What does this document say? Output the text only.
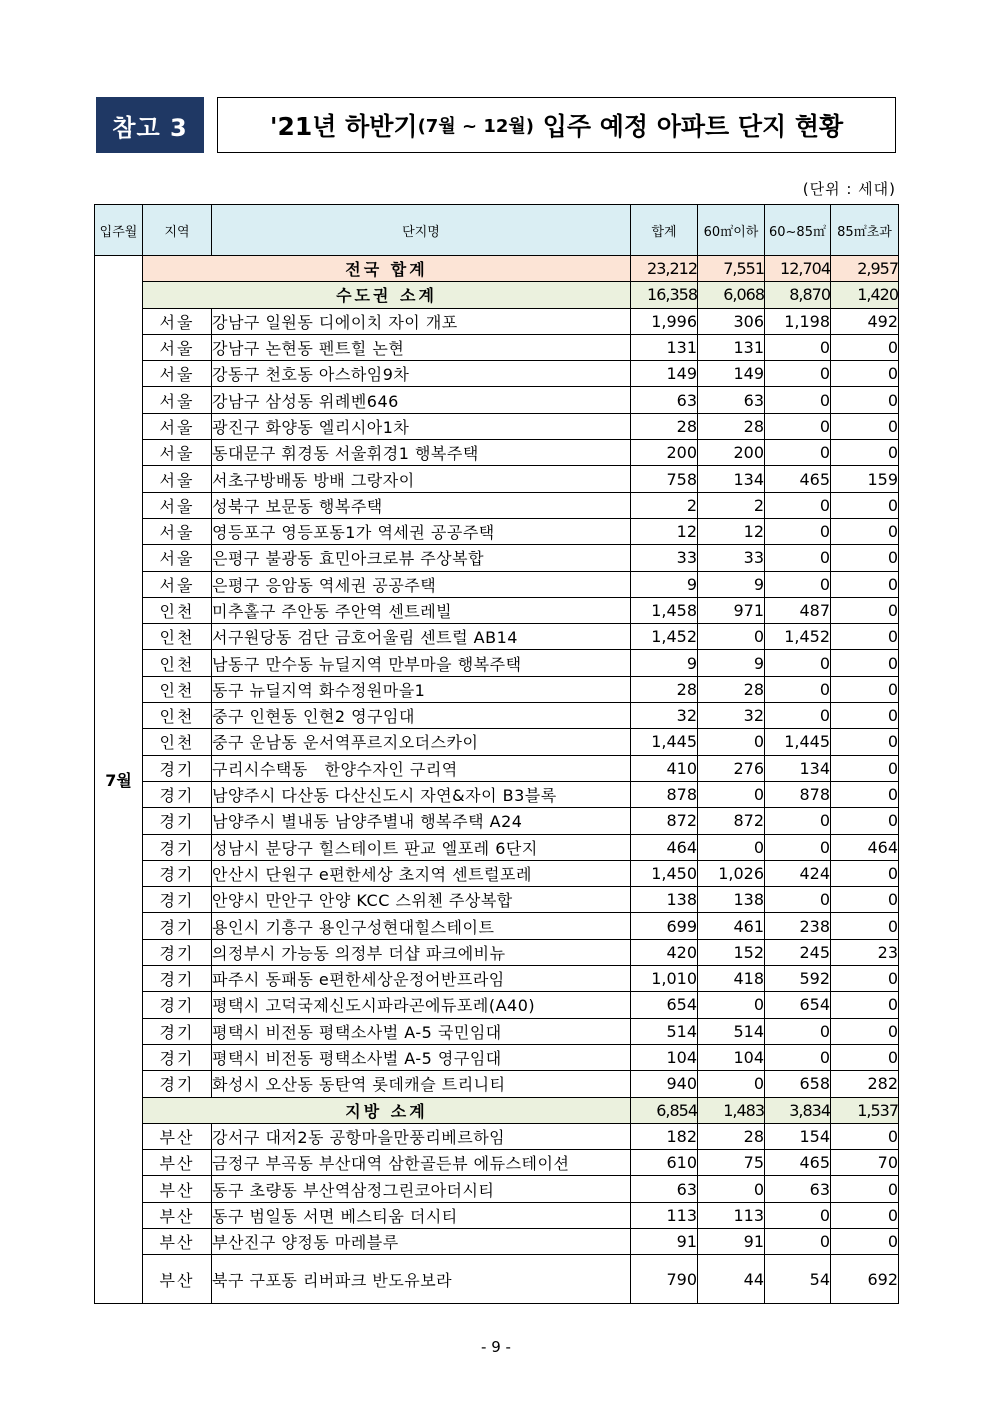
참고 3	'21년 하반기 (7월 ~ 12월) 입주 예정 아파트 단지 현황
(단위 : 세대)
입주월	지역	단지명	합계	60㎡이하	60~85㎡	85㎡초과
7월	전국 합계		23,212	7,551	12,704	2,957
	수도권 소계		16,358	6,068	8,870	1,420
	서울	강남구 일원동 디에이치 자이 개포	1,996	306	1,198	492
	서울	강남구 논현동 펜트힐 논현	131	131	0	0
	서울	강동구 천호동 아스하임9차	149	149	0	0
	서울	강남구 삼성동 위례벤646	63	63	0	0
	서울	광진구 화양동 엘리시아1차	28	28	0	0
	서울	동대문구 휘경동 서울휘경1 행복주택	200	200	0	0
	서울	서초구방배동 방배 그랑자이	758	134	465	159
	서울	성북구 보문동 행복주택	2	2	0	0
	서울	영등포구 영등포동1가 역세권 공공주택	12	12	0	0
	서울	은평구 불광동 효민아크로뷰 주상복합	33	33	0	0
	서울	은평구 응암동 역세권 공공주택	9	9	0	0
	인천	미추홀구 주안동 주안역 센트레빌	1,458	971	487	0
	인천	서구원당동 검단 금호어울림 센트럴 AB14	1,452	0	1,452	0
	인천	남동구 만수동 뉴딜지역 만부마을 행복주택	9	9	0	0
	인천	동구 뉴딜지역 화수정원마을1	28	28	0	0
	인천	중구 인현동 인현2 영구임대	32	32	0	0
	인천	중구 운남동 운서역푸르지오더스카이	1,445	0	1,445	0
	경기	구리시수택동   한양수자인 구리역	410	276	134	0
	경기	남양주시 다산동 다산신도시 자연&자이 B3블록	878	0	878	0
	경기	남양주시 별내동 남양주별내 행복주택 A24	872	872	0	0
	경기	성남시 분당구 힐스테이트 판교 엘포레 6단지	464	0	0	464
	경기	안산시 단원구 e편한세상 초지역 센트럴포레	1,450	1,026	424	0
	경기	안양시 만안구 안양 KCC 스위첸 주상복합	138	138	0	0
	경기	용인시 기흥구 용인구성현대힐스테이트	699	461	238	0
	경기	의정부시 가능동 의정부 더샵 파크에비뉴	420	152	245	23
	경기	파주시 동패동 e편한세상운정어반프라임	1,010	418	592	0
	경기	평택시 고덕국제신도시파라곤에듀포레(A40)	654	0	654	0
	경기	평택시 비전동 평택소사벌 A-5 국민임대	514	514	0	0
	경기	평택시 비전동 평택소사벌 A-5 영구임대	104	104	0	0
	경기	화성시 오산동 동탄역 롯데캐슬 트리니티	940	0	658	282
	지방 소계		6,854	1,483	3,834	1,537
	부산	강서구 대저2동 공항마을만풍리베르하임	182	28	154	0
	부산	금정구 부곡동 부산대역 삼한골든뷰 에듀스테이션	610	75	465	70
	부산	동구 초량동 부산역삼정그린코아더시티	63	0	63	0
	부산	동구 범일동 서면 베스티움 더시티	113	113	0	0
	부산	부산진구 양정동 마레블루	91	91	0	0
	부산	북구 구포동 리버파크 반도유보라	790	44	54	692
- 9 -
